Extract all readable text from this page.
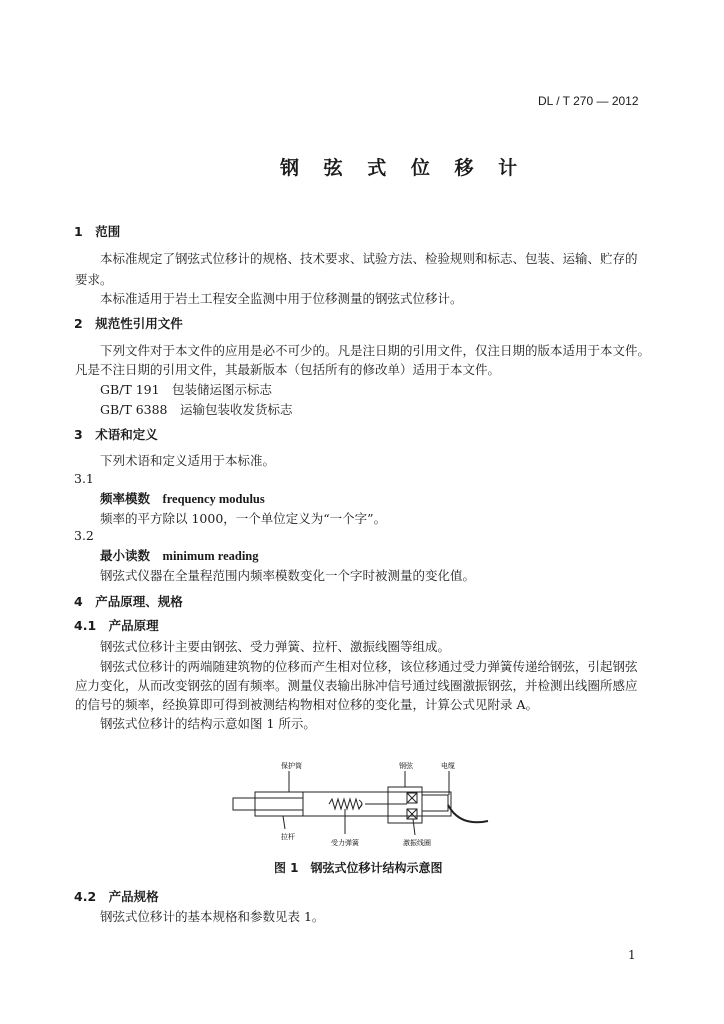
DL / T 270 — 2012
钢 弦 式 位 移 计
1　范围
本标准规定了钢弦式位移计的规格、技术要求、试验方法、检验规则和标志、包装、运输、贮存的
要求。
本标准适用于岩土工程安全监测中用于位移测量的钢弦式位移计。
2　规范性引用文件
下列文件对于本文件的应用是必不可少的。凡是注日期的引用文件，仅注日期的版本适用于本文件。
凡是不注日期的引用文件，其最新版本（包括所有的修改单）适用于本文件。
GB/T 191　包装储运图示标志
GB/T 6388　运输包装收发货标志
3　术语和定义
下列术语和定义适用于本标准。
3.1
频率模数　 frequency modulus
频率的平方除以 1000，一个单位定义为“一个字”。
3.2
最小读数　 minimum reading
钢弦式仪器在全量程范围内频率模数变化一个字时被测量的变化值。
4　产品原理、规格
4.1　产品原理
钢弦式位移计主要由钢弦、受力弹簧、拉杆、激振线圈等组成。
钢弦式位移计的两端随建筑物的位移而产生相对位移，该位移通过受力弹簧传递给钢弦，引起钢弦
应力变化，从而改变钢弦的固有频率。测量仪表输出脉冲信号通过线圈激振钢弦，并检测出线圈所感应
的信号的频率，经换算即可得到被测结构物相对位移的变化量，计算公式见附录 A。
钢弦式位移计的结构示意如图 1 所示。
保护筒	钢弦	电缆
拉杆
受力弹簧	激振线圈
图 1　钢弦式位移计结构示意图
4.2　产品规格
钢弦式位移计的基本规格和参数见表 1。
1
